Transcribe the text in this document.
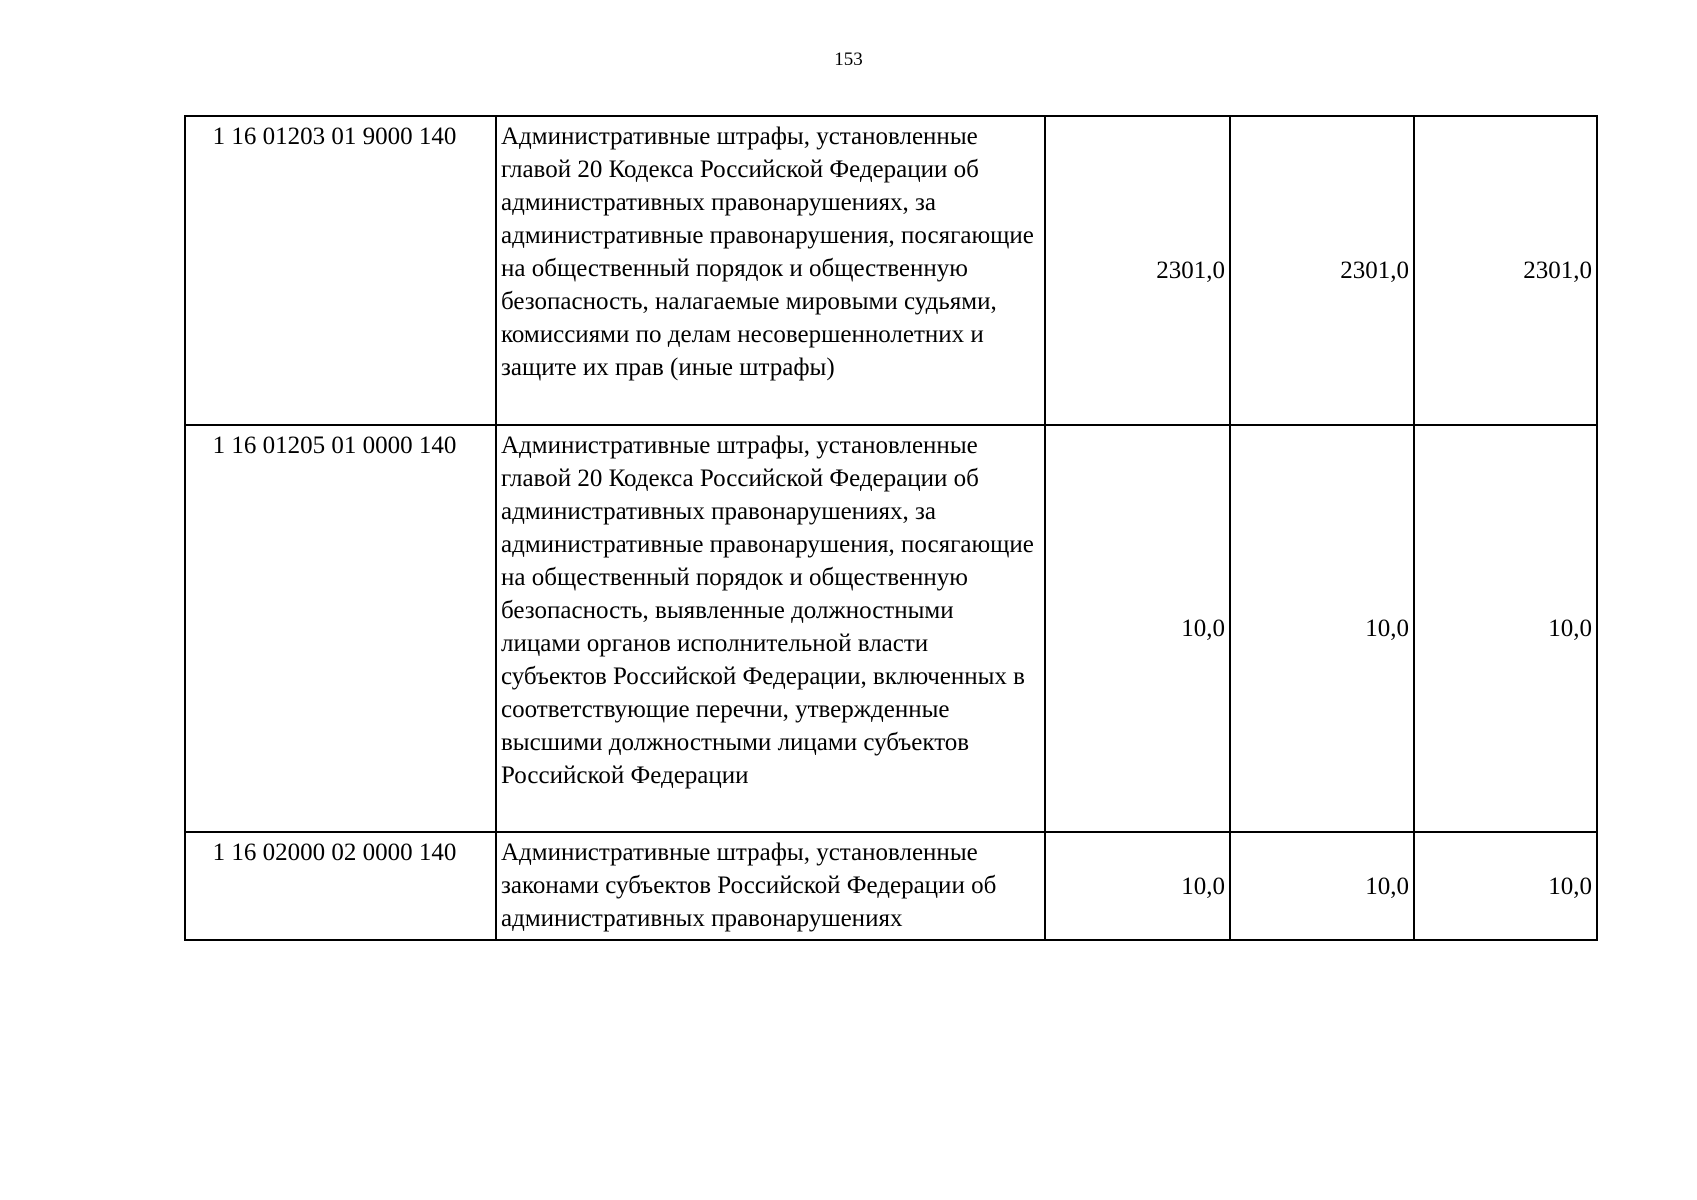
153
1 16 01203 01 9000 140	Административные штрафы, установленные главой 20 Кодекса Российской Федерации об административных правонарушениях, за административные правонарушения, посягающие на общественный порядок и общественную безопасность, налагаемые мировыми судьями, комиссиями по делам несовершеннолетних и защите их прав (иные штрафы)	2301,0	2301,0	2301,0
1 16 01205 01 0000 140	Административные штрафы, установленные главой 20 Кодекса Российской Федерации об административных правонарушениях, за административные правонарушения, посягающие на общественный порядок и общественную безопасность, выявленные должностными лицами органов исполнительной власти субъектов Российской Федерации, включенных в соответствующие перечни, утвержденные высшими должностными лицами субъектов Российской Федерации	10,0	10,0	10,0
1 16 02000 02 0000 140	Административные штрафы, установленные законами субъектов Российской Федерации об административных правонарушениях	10,0	10,0	10,0
